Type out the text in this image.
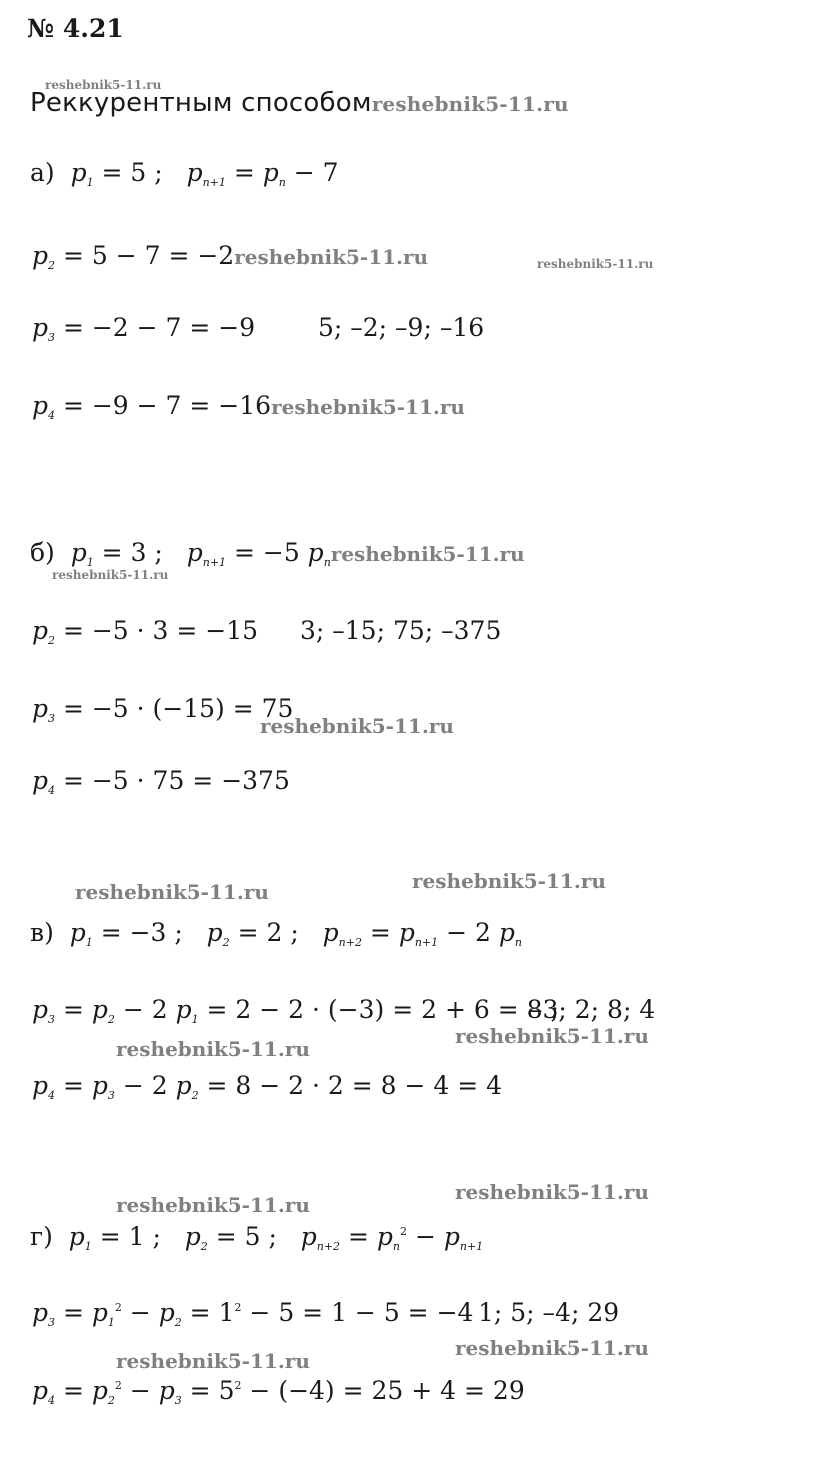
№ 4.21
reshebnik5-11.ru
Реккурентным способомreshebnik5-11.ru
а) $p_1 = 5$ ;   $p_{n+1} = p_n - 7$
$p_2 = 5 - 7$ = −2reshebnik5-11.ru	reshebnik5-11.ru
$p_3 = -2 - 7 = -9$	5; –2; –9; –16
$p_4 = -9 - 7$ = −16reshebnik5-11.ru
б) $p_1 = 3$ ;   $p_{n+1} = -5$ $p_nreshebnik5-11.ru$
reshebnik5-11.ru
$p_2 = -5 \cdot 3 = -15$ 3; –15; 75; –375
$p_3 = -5 \cdot (-15) = 75$
reshebnik5-11.ru
$p_4 = -5 \cdot 75 = -375$
reshebnik5-11.ru	reshebnik5-11.ru
в) $p_1 = -3$ ;   $p_2 = 2$ ;   $p_{n+2} = p_{n+1} - 2$ $p_n$
$p_3 = p_2 - 2$ $p_1 = 2 - 2 \cdot (-3) = 2 + 6 = 8$ ;
–3; 2; 8; 4
reshebnik5-11.ru
reshebnik5-11.ru
$p_4 = p_3 - 2$ $p_2 = 8 - 2 \cdot 2 = 8 - 4 = 4$
reshebnik5-11.ru
reshebnik5-11.ru
г) $p_1 = 1$ ;   $p_2 = 5$ ;   $p_{n+2} = p_n^2 - p_{n+1}$
$p_3 = p_1^2 - p_2 = 1^2 - 5 = 1 - 5 = -4$ 1; 5; –4; 29
reshebnik5-11.ru
reshebnik5-11.ru
$p_4 = p_2^2 - p_3 = 5^2 - (-4) = 25 + 4 = 29$
